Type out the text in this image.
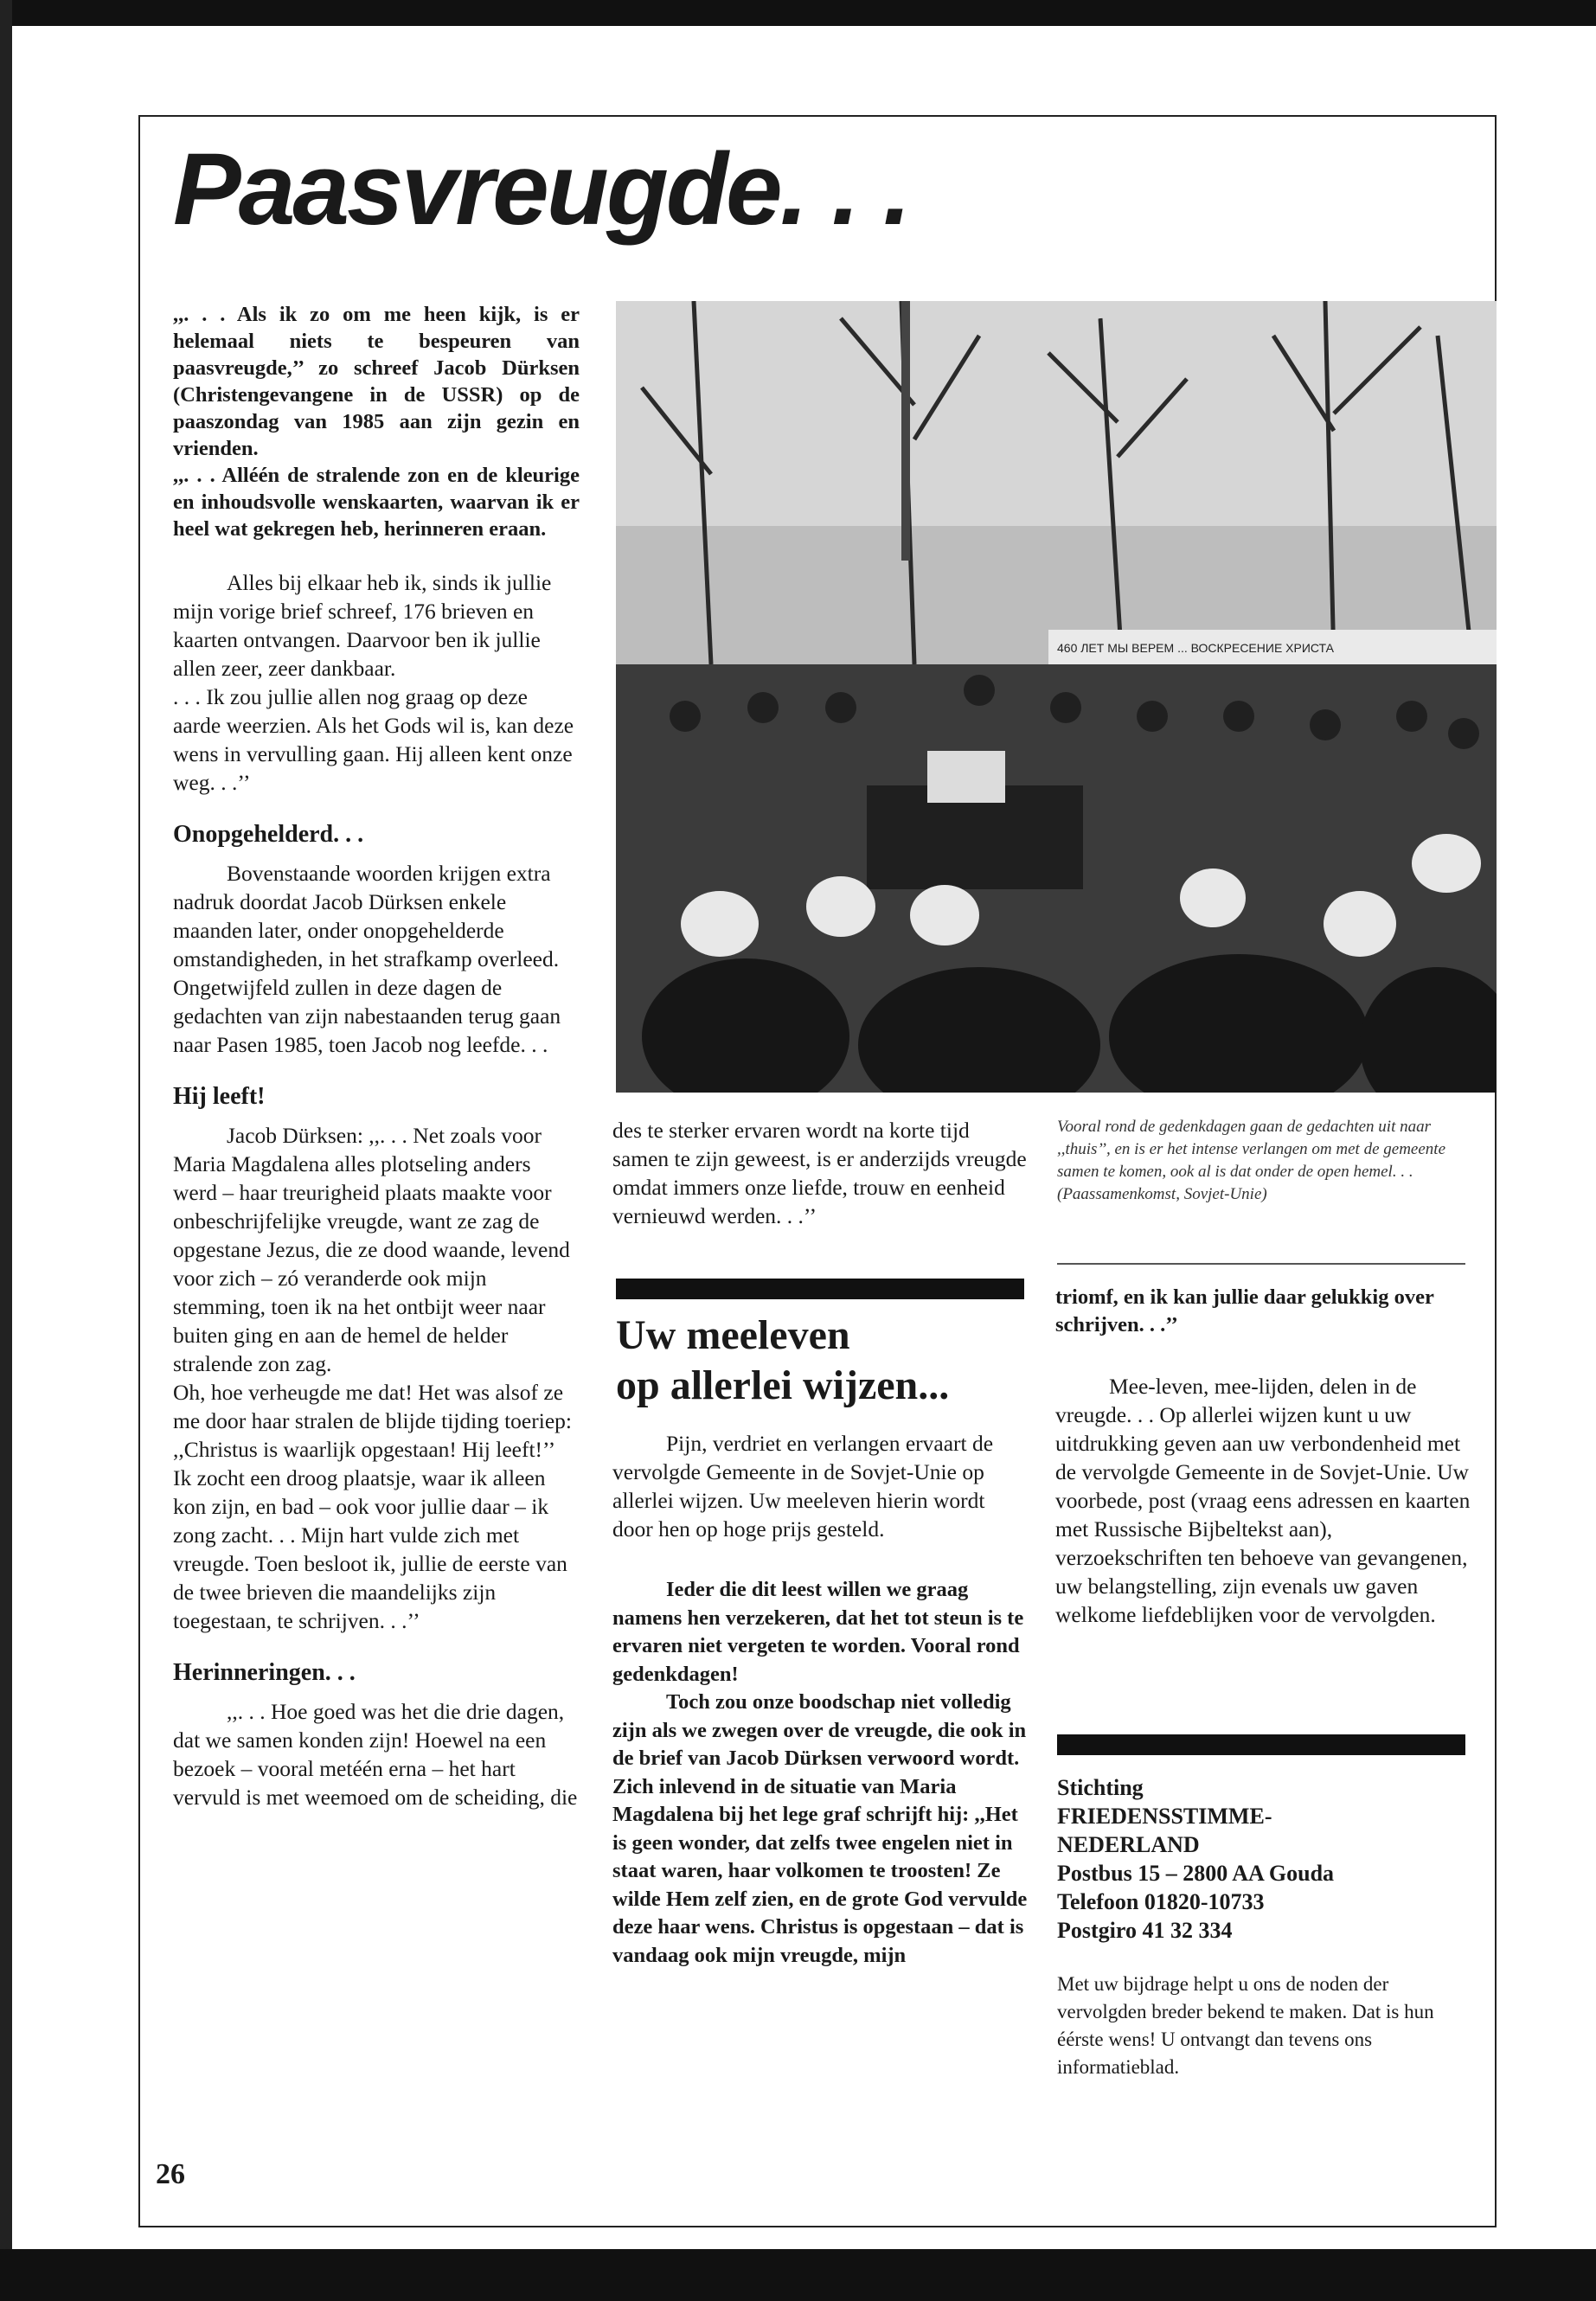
Paasvreugde. . .

,,. . . Als ik zo om me heen kijk, is er helemaal niets te bespeuren van paasvreugde,’’ zo schreef Jacob Dürksen (Christengevangene in de USSR) op de paaszondag van 1985 aan zijn gezin en vrienden.

,,. . . Alléén de stralende zon en de kleurige en inhoudsvolle wenskaarten, waarvan ik er heel wat gekregen heb, herinneren eraan.

Alles bij elkaar heb ik, sinds ik jullie mijn vorige brief schreef, 176 brieven en kaarten ontvangen. Daarvoor ben ik jullie allen zeer, zeer dankbaar.

. . . Ik zou jullie allen nog graag op deze aarde weerzien. Als het Gods wil is, kan deze wens in vervulling gaan. Hij alleen kent onze weg. . .’’

Onopgehelderd. . .

Bovenstaande woorden krijgen extra nadruk doordat Jacob Dürksen enkele maanden later, onder onopgehelderde omstandigheden, in het strafkamp overleed. Ongetwijfeld zullen in deze dagen de gedachten van zijn nabestaanden terug gaan naar Pasen 1985, toen Jacob nog leefde. . .

Hij leeft!

Jacob Dürksen: ,,. . . Net zoals voor Maria Magdalena alles plotseling anders werd – haar treurigheid plaats maakte voor onbeschrijfelijke vreugde, want ze zag de opgestane Jezus, die ze dood waande, levend voor zich – zó veranderde ook mijn stemming, toen ik na het ontbijt weer naar buiten ging en aan de hemel de helder stralende zon zag.

Oh, hoe verheugde me dat! Het was alsof ze me door haar stralen de blijde tijding toeriep: ,,Christus is waarlijk opgestaan! Hij leeft!’’

Ik zocht een droog plaatsje, waar ik alleen kon zijn, en bad – ook voor jullie daar – ik zong zacht. . . Mijn hart vulde zich met vreugde. Toen besloot ik, jullie de eerste van de twee brieven die maandelijks zijn toegestaan, te schrijven. . .’’

Herinneringen. . .

,,. . . Hoe goed was het die drie dagen, dat we samen konden zijn! Hoewel na een bezoek – vooral metéén erna – het hart vervuld is met weemoed om de scheiding, die

460 ЛЕТ МЫ ВЕРЕМ ... ВОСКРЕСЕНИЕ ХРИСТА

Vooral rond de gedenkdagen gaan de gedachten uit naar ,,thuis’’, en is er het intense verlangen om met de gemeente samen te komen, ook al is dat onder de open hemel. . . (Paassamenkomst, Sovjet-Unie)

des te sterker ervaren wordt na korte tijd samen te zijn geweest, is er anderzijds vreugde omdat immers onze liefde, trouw en eenheid vernieuwd werden. . .’’

Uw meeleven
op allerlei wijzen...

Pijn, verdriet en verlangen ervaart de vervolgde Gemeente in de Sovjet-Unie op allerlei wijzen. Uw meeleven hierin wordt door hen op hoge prijs gesteld.

Ieder die dit leest willen we graag namens hen verzekeren, dat het tot steun is te ervaren niet vergeten te worden. Vooral rond gedenkdagen!

Toch zou onze boodschap niet volledig zijn als we zwegen over de vreugde, die ook in de brief van Jacob Dürksen verwoord wordt. Zich inlevend in de situatie van Maria Magdalena bij het lege graf schrijft hij: ,,Het is geen wonder, dat zelfs twee engelen niet in staat waren, haar volkomen te troosten! Ze wilde Hem zelf zien, en de grote God vervulde deze haar wens. Christus is opgestaan – dat is vandaag ook mijn vreugde, mijn

triomf, en ik kan jullie daar gelukkig over schrijven. . .’’

Mee-leven, mee-lijden, delen in de vreugde. . . Op allerlei wijzen kunt u uw uitdrukking geven aan uw verbondenheid met de vervolgde Gemeente in de Sovjet-Unie. Uw voorbede, post (vraag eens adressen en kaarten met Russische Bijbeltekst aan), verzoekschriften ten behoeve van gevangenen, uw belangstelling, zijn evenals uw gaven welkome liefdeblijken voor de vervolgden.

Stichting
FRIEDENSSTIMME-
NEDERLAND
Postbus 15 – 2800 AA Gouda
Telefoon 01820-10733
Postgiro 41 32 334

Met uw bijdrage helpt u ons de noden der vervolgden breder bekend te maken. Dat is hun éérste wens! U ontvangt dan tevens ons informatieblad.

26
